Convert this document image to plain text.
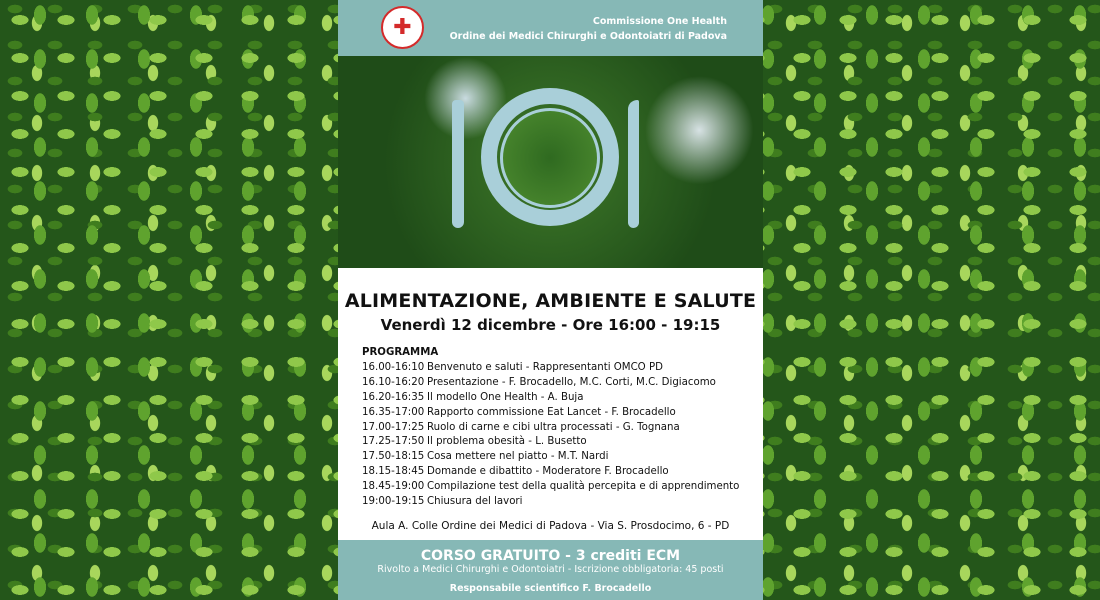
✚	Commissione One Health
Ordine dei Medici Chirurghi e Odontoiatri di Padova
ALIMENTAZIONE, AMBIENTE E SALUTE
Venerdì 12 dicembre - Ore 16:00 - 19:15
PROGRAMMA
16.00-16:10 Benvenuto e saluti - Rappresentanti OMCO PD
16.10-16:20 Presentazione - F. Brocadello, M.C. Corti, M.C. Digiacomo
16.20-16:35 Il modello One Health - A. Buja
16.35-17:00 Rapporto commissione Eat Lancet - F. Brocadello
17.00-17:25 Ruolo di carne e cibi ultra processati - G. Tognana
17.25-17:50 Il problema obesità - L. Busetto
17.50-18:15 Cosa mettere nel piatto - M.T. Nardi
18.15-18:45 Domande e dibattito - Moderatore F. Brocadello
18.45-19:00 Compilazione test della qualità percepita e di apprendimento
19:00-19:15 Chiusura del lavori
Aula A. Colle Ordine dei Medici di Padova - Via S. Prosdocimo, 6 - PD
CORSO GRATUITO - 3 crediti ECM
Rivolto a Medici Chirurghi e Odontoiatri - Iscrizione obbligatoria: 45 posti
Responsabile scientifico F. Brocadello
